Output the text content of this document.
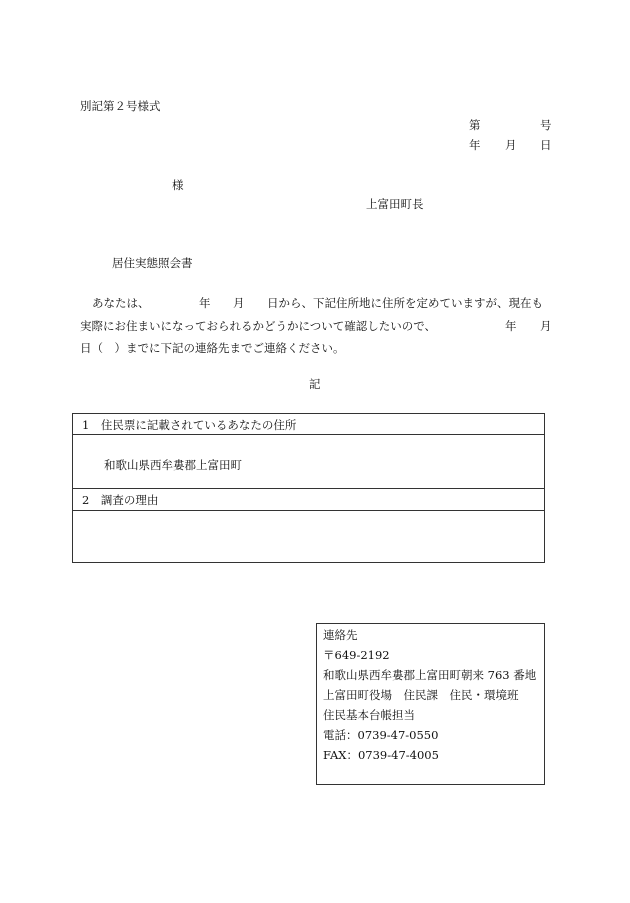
別記第２号様式
第	号
年 月 日
様
上富田町長
居住実態照会書
あなたは、	年 月 日から、下記住所地に住所を定めていますが、現在も
実際にお住まいになっておられるかどうかについて確認したいので、	年 月
日（　）までに下記の連絡先までご連絡ください。
記
1　住民票に記載されているあなたの住所
和歌山県西牟婁郡上富田町
2　調査の理由
連絡先
〒649-2192
和歌山県西牟婁郡上富田町朝来 763 番地
上富田町役場　住民課　住民・環境班
住民基本台帳担当
電話：0739-47-0550
FAX：0739-47-4005
